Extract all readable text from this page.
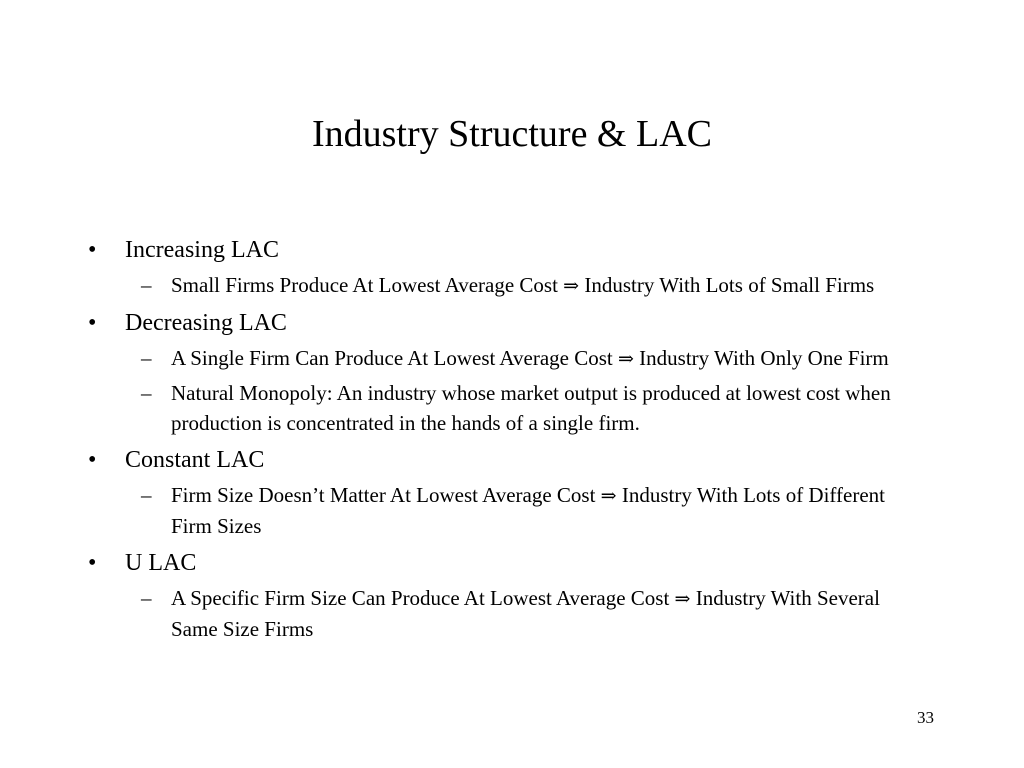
Industry Structure & LAC
• Increasing LAC
– Small Firms Produce At Lowest Average Cost ⇒ Industry With Lots of Small Firms
• Decreasing LAC
– A Single Firm Can Produce At Lowest Average Cost ⇒ Industry With Only One Firm
– Natural Monopoly: An industry whose market output is produced at lowest cost when production is concentrated in the hands of a single firm.
• Constant LAC
– Firm Size Doesn’t Matter At Lowest Average Cost ⇒ Industry With Lots of Different Firm Sizes
• U LAC
– A Specific Firm Size Can Produce At Lowest Average Cost ⇒ Industry With Several Same Size Firms
33
